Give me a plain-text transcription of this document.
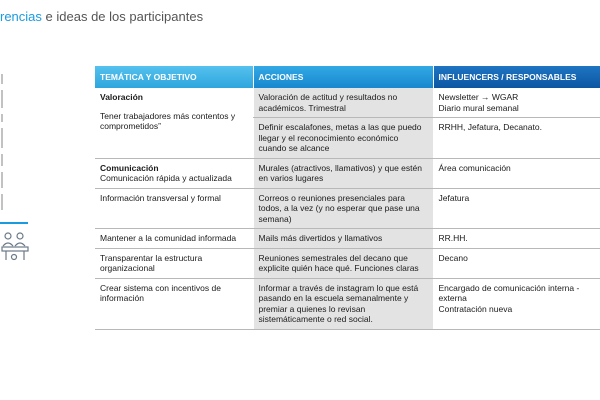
rencias e ideas de los participantes
TEMÁTICA Y OBJETIVO	ACCIONES	INFLUENCERS / RESPONSABLES

Valoración
Tener trabajadores más contentos y comprometidos”	Valoración de actitud y resultados no académicos. Trimestral	Newsletter → WGAR
Diario mural semanal

	Definir escalafones, metas a las que puedo llegar y el reconocimiento económico cuando se alcance	RRHH, Jefatura, Decanato.

Comunicación
Comunicación rápida y actualizada	Murales (atractivos, llamativos) y que estén en varios lugares	Área comunicación
Información transversal y formal	Correos o reuniones presenciales para todos, a la vez (y no esperar que pase una semana)	Jefatura
Mantener a la comunidad informada	Mails más divertidos y llamativos	RR.HH.
Transparentar la estructura organizacional	Reuniones semestrales del decano que explicite quién hace qué. Funciones claras	Decano
Crear sistema con incentivos de información	Informar a través de instagram lo que está pasando en la escuela semanalmente y premiar a quienes lo revisan sistemáticamente o red social.	Encargado de comunicación interna - externa
Contratación nueva
